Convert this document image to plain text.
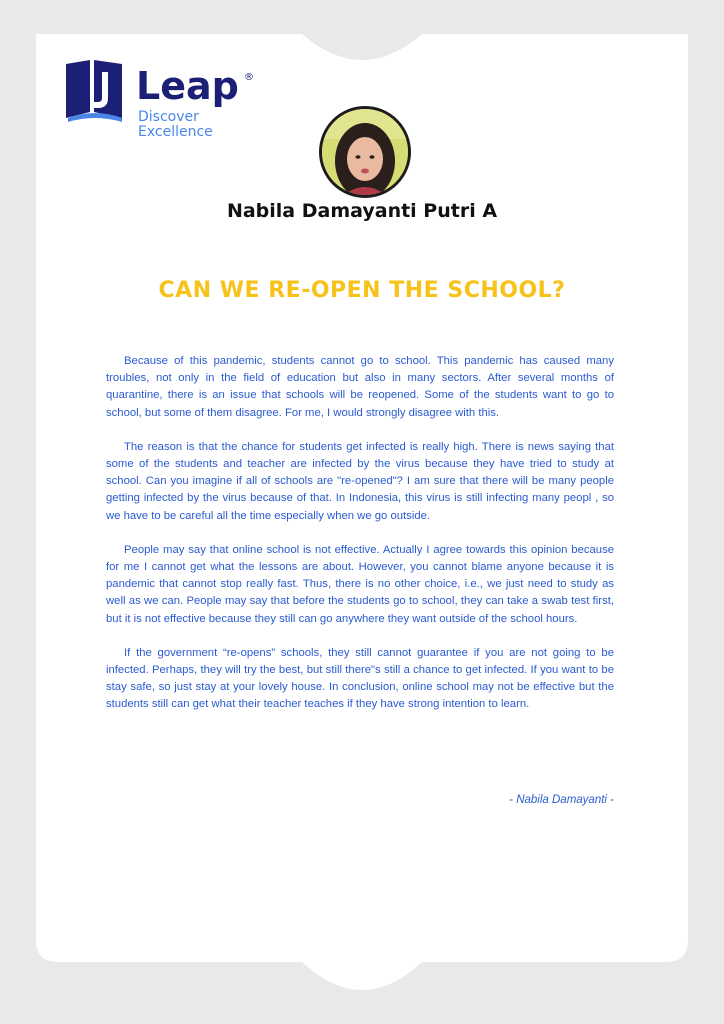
Leap ®
Discover
Excellence
Nabila Damayanti Putri A
CAN WE RE-OPEN THE SCHOOL?

Because of this pandemic, students cannot go to school. This pandemic has caused many troubles, not only in the field of education but also in many sectors. After several months of quarantine, there is an issue that schools will be reopened. Some of the students want to go to school, but some of them disagree. For me, I would strongly disagree with this.

The reason is that the chance for students get infected is really high. There is news saying that some of the students and teacher are infected by the virus because they have tried to study at school. Can you imagine if all of schools are "re-opened"? I am sure that there will be many people getting infected by the virus because of that. In Indonesia, this virus is still infecting many peopl , so we have to be careful all the time especially when we go outside.

People may say that online school is not effective. Actually I agree towards this opinion because for me I cannot get what the lessons are about. However, you cannot blame anyone because it is pandemic that cannot stop really fast. Thus, there is no other choice, i.e., we just need to study as well as we can. People may say that before the students go to school, they can take a swab test first, but it is not effective because they still can go anywhere they want outside of the school hours.

If the government “re-opens” schools, they still cannot guarantee if you are not going to be infected. Perhaps, they will try the best, but still there"s still a chance to get infected. If you want to be stay safe, so just stay at your lovely house. In conclusion, online school may not be effective but the students still can get what their teacher teaches if they have strong intention to learn.

- Nabila Damayanti -
